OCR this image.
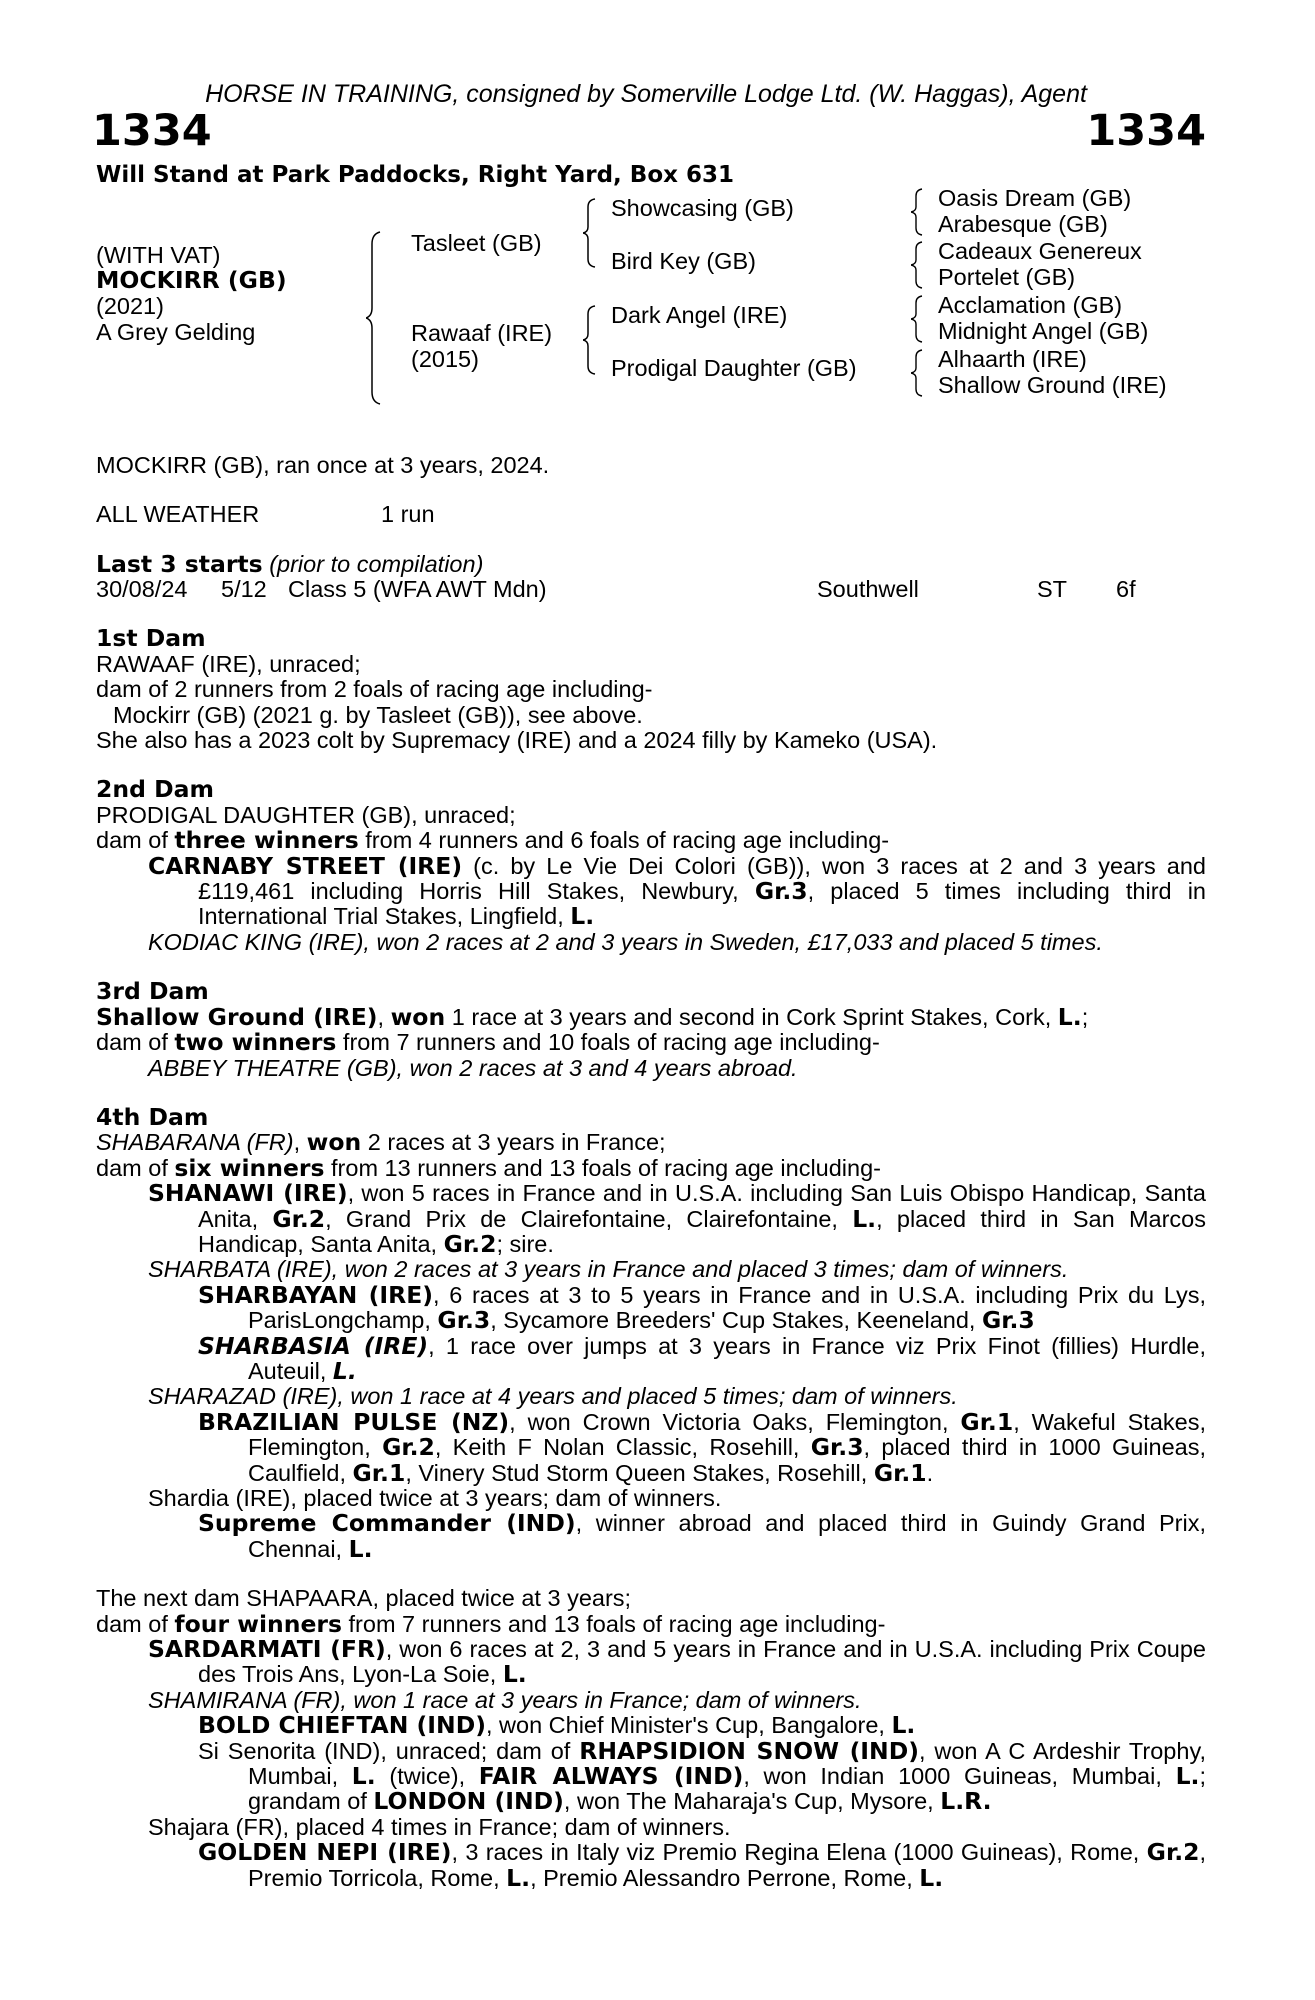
HORSE IN TRAINING, consigned by Somerville Lodge Ltd. (W. Haggas), Agent
1334	1334
Will Stand at Park Paddocks, Right Yard, Box 631
(WITH VAT)
MOCKIRR (GB)
(2021)
A Grey Gelding
Tasleet (GB)
Rawaaf (IRE)
(2015)
Showcasing (GB)
Bird Key (GB)
Dark Angel (IRE)
Prodigal Daughter (GB)
Oasis Dream (GB)
Arabesque (GB)
Cadeaux Genereux
Portelet (GB)
Acclamation (GB)
Midnight Angel (GB)
Alhaarth (IRE)
Shallow Ground (IRE)

MOCKIRR (GB), ran once at 3 years, 2024.

ALL WEATHER	1 run

Last 3 starts (prior to compilation)

30/08/24 5/12 Class 5 (WFA AWT Mdn)	Southwell	ST 6f

1st Dam

RAWAAF (IRE), unraced;

dam of 2 runners from 2 foals of racing age including-

Mockirr (GB) (2021 g. by Tasleet (GB)), see above.

She also has a 2023 colt by Supremacy (IRE) and a 2024 filly by Kameko (USA).

2nd Dam

PRODIGAL DAUGHTER (GB), unraced;

dam of three winners from 4 runners and 6 foals of racing age including-

CARNABY STREET (IRE) (c. by Le Vie Dei Colori (GB)), won 3 races at 2 and 3 years and £119,461 including Horris Hill Stakes, Newbury, Gr.3, placed 5 times including third in International Trial Stakes, Lingfield, L.

KODIAC KING (IRE), won 2 races at 2 and 3 years in Sweden, £17,033 and placed 5 times.

3rd Dam

Shallow Ground (IRE), won 1 race at 3 years and second in Cork Sprint Stakes, Cork, L.;

dam of two winners from 7 runners and 10 foals of racing age including-

ABBEY THEATRE (GB), won 2 races at 3 and 4 years abroad.

4th Dam

SHABARANA (FR), won 2 races at 3 years in France;

dam of six winners from 13 runners and 13 foals of racing age including-

SHANAWI (IRE), won 5 races in France and in U.S.A. including San Luis Obispo Handicap, Santa Anita, Gr.2, Grand Prix de Clairefontaine, Clairefontaine, L., placed third in San Marcos Handicap, Santa Anita, Gr.2; sire.

SHARBATA (IRE), won 2 races at 3 years in France and placed 3 times; dam of winners.

SHARBAYAN (IRE), 6 races at 3 to 5 years in France and in U.S.A. including Prix du Lys, ParisLongchamp, Gr.3, Sycamore Breeders' Cup Stakes, Keeneland, Gr.3

SHARBASIA (IRE), 1 race over jumps at 3 years in France viz Prix Finot (fillies) Hurdle, Auteuil, L.

SHARAZAD (IRE), won 1 race at 4 years and placed 5 times; dam of winners.

BRAZILIAN PULSE (NZ), won Crown Victoria Oaks, Flemington, Gr.1, Wakeful Stakes, Flemington, Gr.2, Keith F Nolan Classic, Rosehill, Gr.3, placed third in 1000 Guineas, Caulfield, Gr.1, Vinery Stud Storm Queen Stakes, Rosehill, Gr.1.

Shardia (IRE), placed twice at 3 years; dam of winners.

Supreme Commander (IND), winner abroad and placed third in Guindy Grand Prix, Chennai, L.

The next dam SHAPAARA, placed twice at 3 years;

dam of four winners from 7 runners and 13 foals of racing age including-

SARDARMATI (FR), won 6 races at 2, 3 and 5 years in France and in U.S.A. including Prix Coupe des Trois Ans, Lyon-La Soie, L.

SHAMIRANA (FR), won 1 race at 3 years in France; dam of winners.

BOLD CHIEFTAN (IND), won Chief Minister's Cup, Bangalore, L.

Si Senorita (IND), unraced; dam of RHAPSIDION SNOW (IND), won A C Ardeshir Trophy, Mumbai, L. (twice), FAIR ALWAYS (IND), won Indian 1000 Guineas, Mumbai, L.; grandam of LONDON (IND), won The Maharaja's Cup, Mysore, L.R.

Shajara (FR), placed 4 times in France; dam of winners.

GOLDEN NEPI (IRE), 3 races in Italy viz Premio Regina Elena (1000 Guineas), Rome, Gr.2, Premio Torricola, Rome, L., Premio Alessandro Perrone, Rome, L.
